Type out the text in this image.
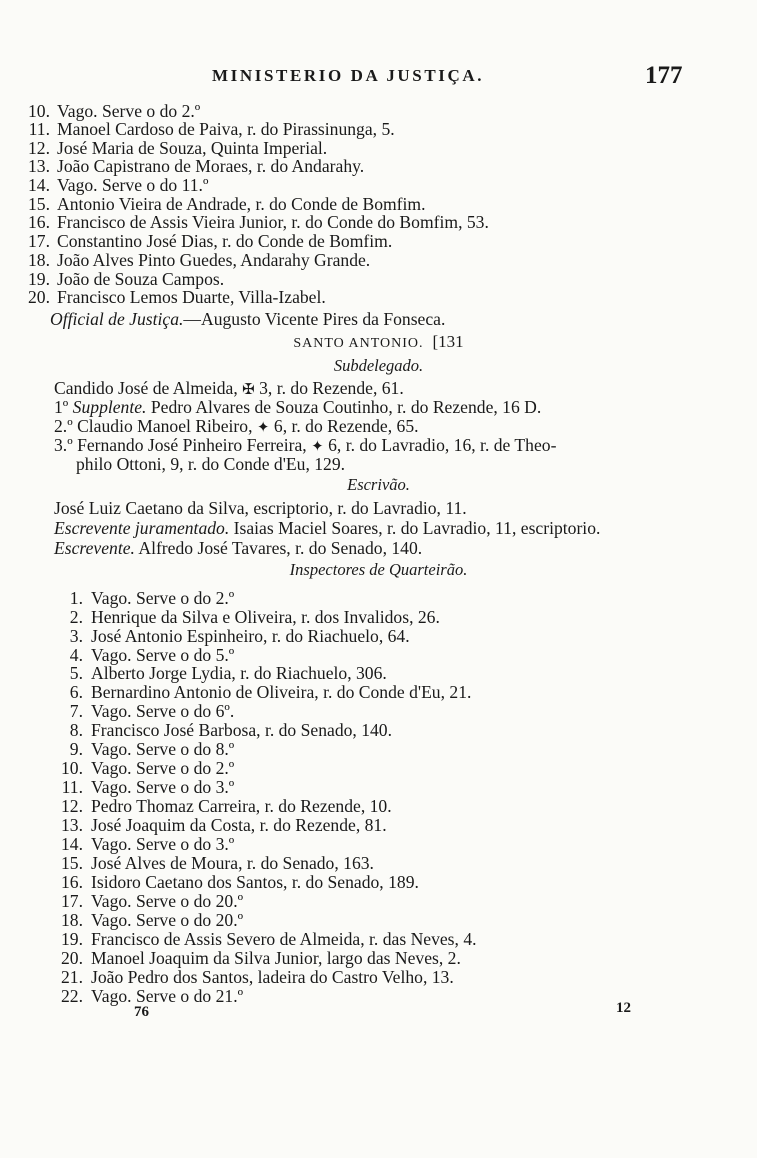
MINISTERIO DA JUSTIÇA.	177
10. Vago. Serve o do 2.º
11. Manoel Cardoso de Paiva, r. do Pirassinunga, 5.
12. José Maria de Souza, Quinta Imperial.
13. João Capistrano de Moraes, r. do Andarahy.
14. Vago. Serve o do 11.º
15. Antonio Vieira de Andrade, r. do Conde de Bomfim.
16. Francisco de Assis Vieira Junior, r. do Conde do Bomfim, 53.
17. Constantino José Dias, r. do Conde de Bomfim.
18. João Alves Pinto Guedes, Andarahy Grande.
19. João de Souza Campos.
20. Francisco Lemos Duarte, Villa-Izabel.
Official de Justiça.—Augusto Vicente Pires da Fonseca.
SANTO ANTONIO. [131
Subdelegado.
Candido José de Almeida, ✠ 3, r. do Rezende, 61.
1º Supplente. Pedro Alvares de Souza Coutinho, r. do Rezende, 16 D.
2.º Claudio Manoel Ribeiro, ✦ 6, r. do Rezende, 65.
3.º Fernando José Pinheiro Ferreira, ✦ 6, r. do Lavradio, 16, r. de Theo-
philo Ottoni, 9, r. do Conde d'Eu, 129.
Escrivão.
José Luiz Caetano da Silva, escriptorio, r. do Lavradio, 11.
Escrevente juramentado. Isaias Maciel Soares, r. do Lavradio, 11, escriptorio.
Escrevente. Alfredo José Tavares, r. do Senado, 140.
Inspectores de Quarteirão.
1. Vago. Serve o do 2.º
2. Henrique da Silva e Oliveira, r. dos Invalidos, 26.
3. José Antonio Espinheiro, r. do Riachuelo, 64.
4. Vago. Serve o do 5.º
5. Alberto Jorge Lydia, r. do Riachuelo, 306.
6. Bernardino Antonio de Oliveira, r. do Conde d'Eu, 21.
7. Vago. Serve o do 6º.
8. Francisco José Barbosa, r. do Senado, 140.
9. Vago. Serve o do 8.º
10. Vago. Serve o do 2.º
11. Vago. Serve o do 3.º
12. Pedro Thomaz Carreira, r. do Rezende, 10.
13. José Joaquim da Costa, r. do Rezende, 81.
14. Vago. Serve o do 3.º
15. José Alves de Moura, r. do Senado, 163.
16. Isidoro Caetano dos Santos, r. do Senado, 189.
17. Vago. Serve o do 20.º
18. Vago. Serve o do 20.º
19. Francisco de Assis Severo de Almeida, r. das Neves, 4.
20. Manoel Joaquim da Silva Junior, largo das Neves, 2.
21. João Pedro dos Santos, ladeira do Castro Velho, 13.
22. Vago. Serve o do 21.º
76	12
